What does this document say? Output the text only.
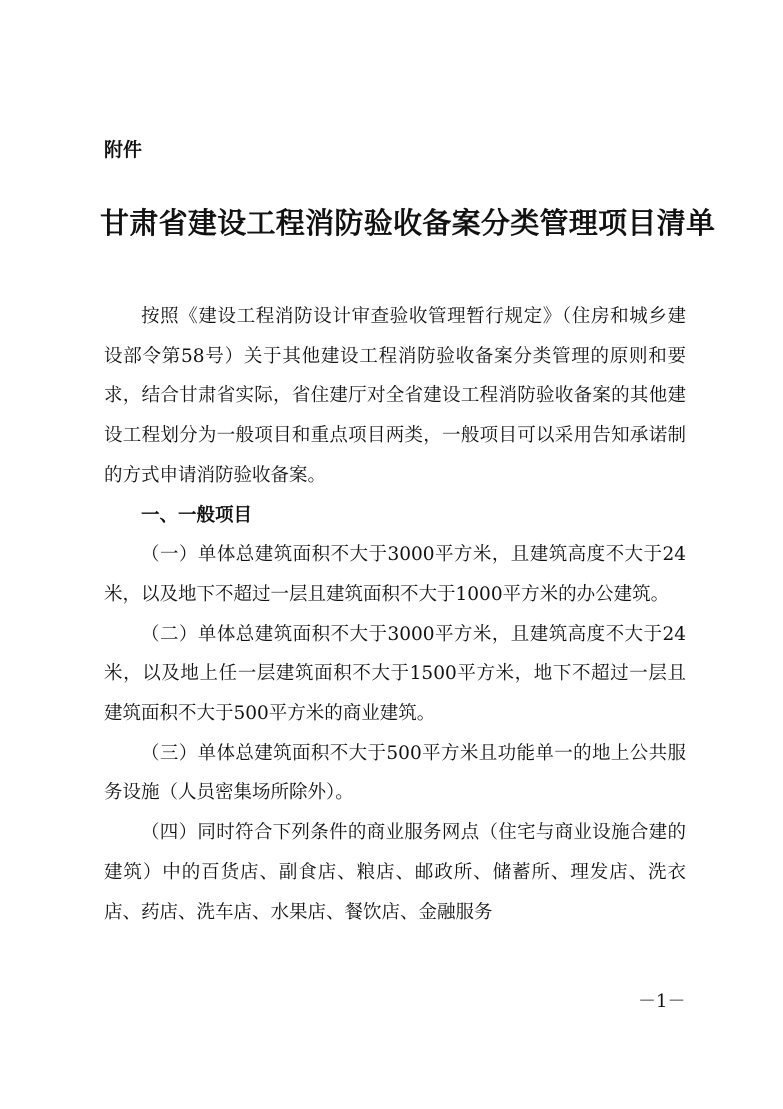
附件

甘肃省建设工程消防验收备案分类管理项目清单

按照《建设工程消防设计审查验收管理暂行规定》（住房和城乡建设部令第58号）关于其他建设工程消防验收备案分类管理的原则和要求，结合甘肃省实际，省住建厅对全省建设工程消防验收备案的其他建设工程划分为一般项目和重点项目两类，一般项目可以采用告知承诺制的方式申请消防验收备案。

一、一般项目

（一）单体总建筑面积不大于3000平方米，且建筑高度不大于24米，以及地下不超过一层且建筑面积不大于1000平方米的办公建筑。

（二）单体总建筑面积不大于3000平方米，且建筑高度不大于24米，以及地上任一层建筑面积不大于1500平方米，地下不超过一层且建筑面积不大于500平方米的商业建筑。

（三）单体总建筑面积不大于500平方米且功能单一的地上公共服务设施（人员密集场所除外）。

（四）同时符合下列条件的商业服务网点（住宅与商业设施合建的建筑）中的百货店、副食店、粮店、邮政所、储蓄所、理发店、洗衣店、药店、洗车店、水果店、餐饮店、金融服务

－1－
